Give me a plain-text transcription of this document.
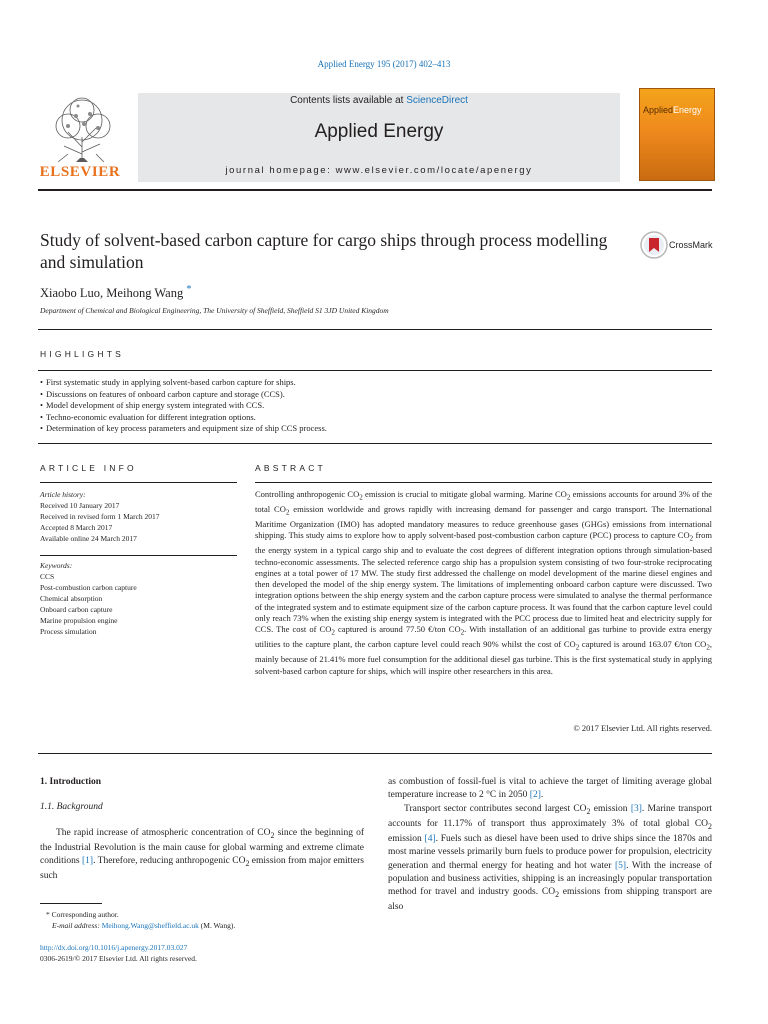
Applied Energy 195 (2017) 402–413
ELSEVIER
Contents lists available at ScienceDirect
Applied Energy
journal homepage: www.elsevier.com/locate/apenergy
AppliedEnergy
Study of solvent-based carbon capture for cargo ships through process modelling and simulation
CrossMark
Xiaobo Luo, Meihong Wang *
Department of Chemical and Biological Engineering, The University of Sheffield, Sheffield S1 3JD United Kingdom
HIGHLIGHTS
• First systematic study in applying solvent-based carbon capture for ships.
• Discussions on features of onboard carbon capture and storage (CCS).
• Model development of ship energy system integrated with CCS.
• Techno-economic evaluation for different integration options.
• Determination of key process parameters and equipment size of ship CCS process.
ARTICLE INFO	ABSTRACT
Article history:
Received 10 January 2017
Received in revised form 1 March 2017
Accepted 8 March 2017
Available online 24 March 2017
Keywords:
CCS
Post-combustion carbon capture
Chemical absorption
Onboard carbon capture
Marine propulsion engine
Process simulation
Controlling anthropogenic $CO_2$ emission is crucial to mitigate global warming. Marine $CO_2$ emissions accounts for around 3% of the total $CO_2$ emission worldwide and grows rapidly with increasing demand for passenger and cargo transport. The International Maritime Organization (IMO) has adopted mandatory measures to reduce greenhouse gases (GHGs) emissions from international shipping. This study aims to explore how to apply solvent-based post-combustion carbon capture (PCC) process to capture $CO_2$ from the energy system in a typical cargo ship and to evaluate the cost degrees of different integration options through simulation-based techno-economic assessments. The selected reference cargo ship has a propulsion system consisting of two four-stroke reciprocating engines at a total power of 17 MW. The study first addressed the challenge on model development of the marine diesel engines and then developed the model of the ship energy system. The limitations of implementing onboard carbon capture were discussed. Two integration options between the ship energy system and the carbon capture process were simulated to analyse the thermal performance of the integrated system and to estimate equipment size of the carbon capture process. It was found that the carbon capture level could only reach 73% when the existing ship energy system is integrated with the PCC process due to limited heat and electricity supply for CCS. The cost of $CO_2$ captured is around 77.50 €/ton $CO_2$. With installation of an additional gas turbine to provide extra energy utilities to the capture plant, the carbon capture level could reach 90% whilst the cost of $CO_2$ captured is around 163.07 €/ton $CO_2$, mainly because of 21.41% more fuel consumption for the additional diesel gas turbine. This is the first systematical study in applying solvent-based carbon capture for ships, which will inspire other researchers in this area.
© 2017 Elsevier Ltd. All rights reserved.
1. Introduction
1.1. Background
The rapid increase of atmospheric concentration of $CO_2$ since the beginning of the Industrial Revolution is the main cause for global warming and extreme climate conditions [1]. Therefore, reducing anthropogenic $CO_2$ emission from major emitters such
as combustion of fossil-fuel is vital to achieve the target of limiting average global temperature increase to 2 °C in 2050 [2].
Transport sector contributes second largest $CO_2$ emission [3]. Marine transport accounts for 11.17% of transport thus approximately 3% of total global $CO_2$ emission [4]. Fuels such as diesel have been used to drive ships since the 1870s and most marine vessels primarily burn fuels to produce power for propulsion, electricity generation and thermal energy for heating and hot water [5]. With the increase of population and business activities, shipping is an increasingly popular transportation method for travel and industry goods. $CO_2$ emissions from shipping transport are also
* Corresponding author.
E-mail address: Meihong.Wang@sheffield.ac.uk (M. Wang).
http://dx.doi.org/10.1016/j.apenergy.2017.03.027
0306-2619/© 2017 Elsevier Ltd. All rights reserved.
